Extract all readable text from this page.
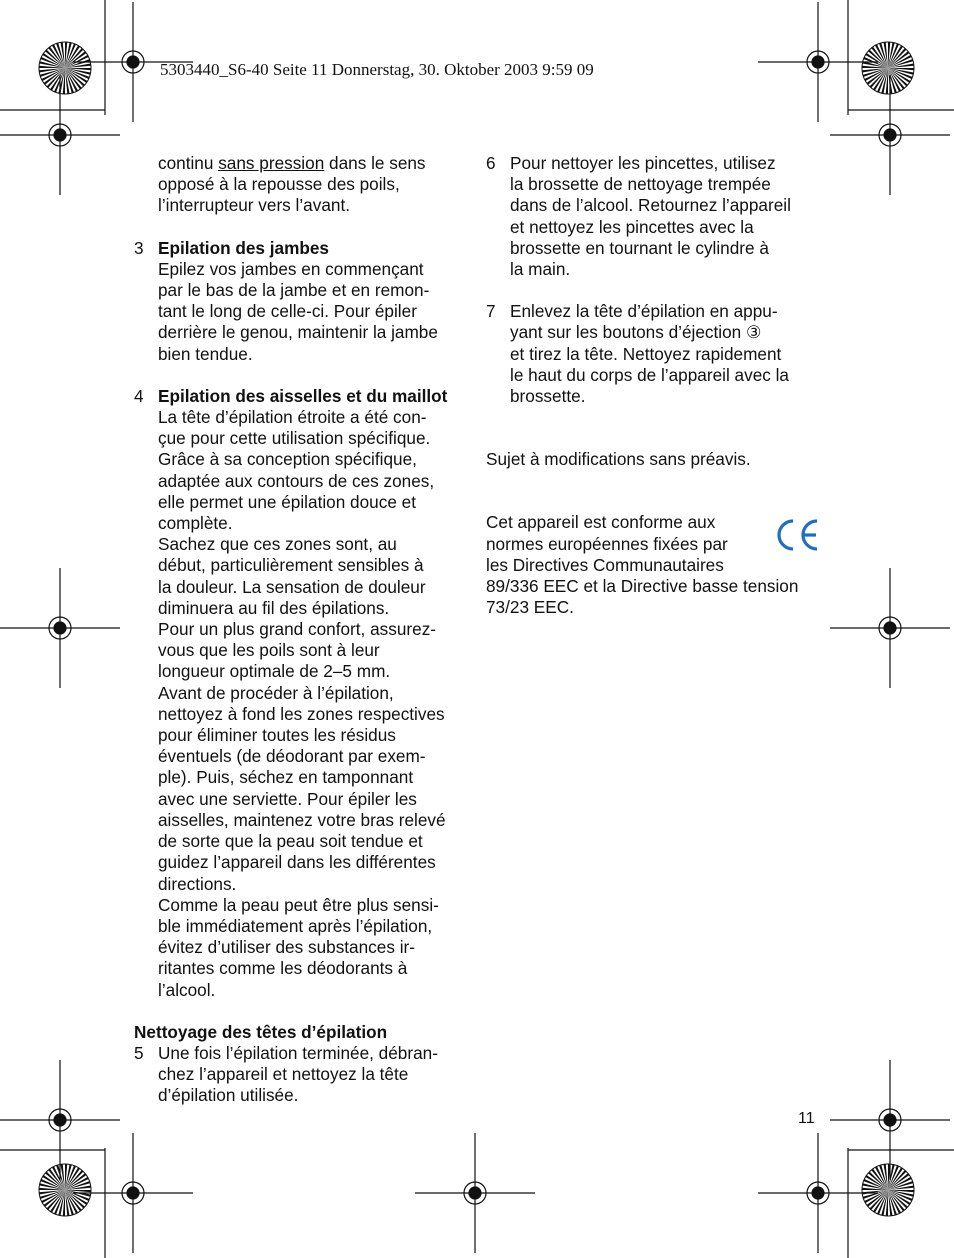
5303440_S6-40 Seite 11 Donnerstag, 30. Oktober 2003 9:59 09
continu sans pression dans le sens
opposé à la repousse des poils,
l’interrupteur vers l’avant.
3 Epilation des jambes
Epilez vos jambes en commençant
par le bas de la jambe et en remon-
tant le long de celle-ci. Pour épiler
derrière le genou, maintenir la jambe
bien tendue.
4 Epilation des aisselles et du maillot
La tête d’épilation étroite a été con-
çue pour cette utilisation spécifique.
Grâce à sa conception spécifique,
adaptée aux contours de ces zones,
elle permet une épilation douce et
complète.
Sachez que ces zones sont, au
début, particulièrement sensibles à
la douleur. La sensation de douleur
diminuera au fil des épilations.
Pour un plus grand confort, assurez-
vous que les poils sont à leur
longueur optimale de 2–5 mm.
Avant de procéder à l’épilation,
nettoyez à fond les zones respectives
pour éliminer toutes les résidus
éventuels (de déodorant par exem-
ple). Puis, séchez en tamponnant
avec une serviette. Pour épiler les
aisselles, maintenez votre bras relevé
de sorte que la peau soit tendue et
guidez l’appareil dans les différentes
directions.
Comme la peau peut être plus sensi-
ble immédiatement après l’épilation,
évitez d’utiliser des substances ir-
ritantes comme les déodorants à
l’alcool.
Nettoyage des têtes d’épilation
5 Une fois l’épilation terminée, débran-
chez l’appareil et nettoyez la tête
d’épilation utilisée.
6 Pour nettoyer les pincettes, utilisez
la brossette de nettoyage trempée
dans de l’alcool. Retournez l’appareil
et nettoyez les pincettes avec la
brossette en tournant le cylindre à
la main.
7 Enlevez la tête d’épilation en appu-
yant sur les boutons d’éjection ③
et tirez la tête. Nettoyez rapidement
le haut du corps de l’appareil avec la
brossette.
Sujet à modifications sans préavis.
Cet appareil est conforme aux
normes européennes fixées par
les Directives Communautaires
89/336 EEC et la Directive basse tension
73/23 EEC.
11
